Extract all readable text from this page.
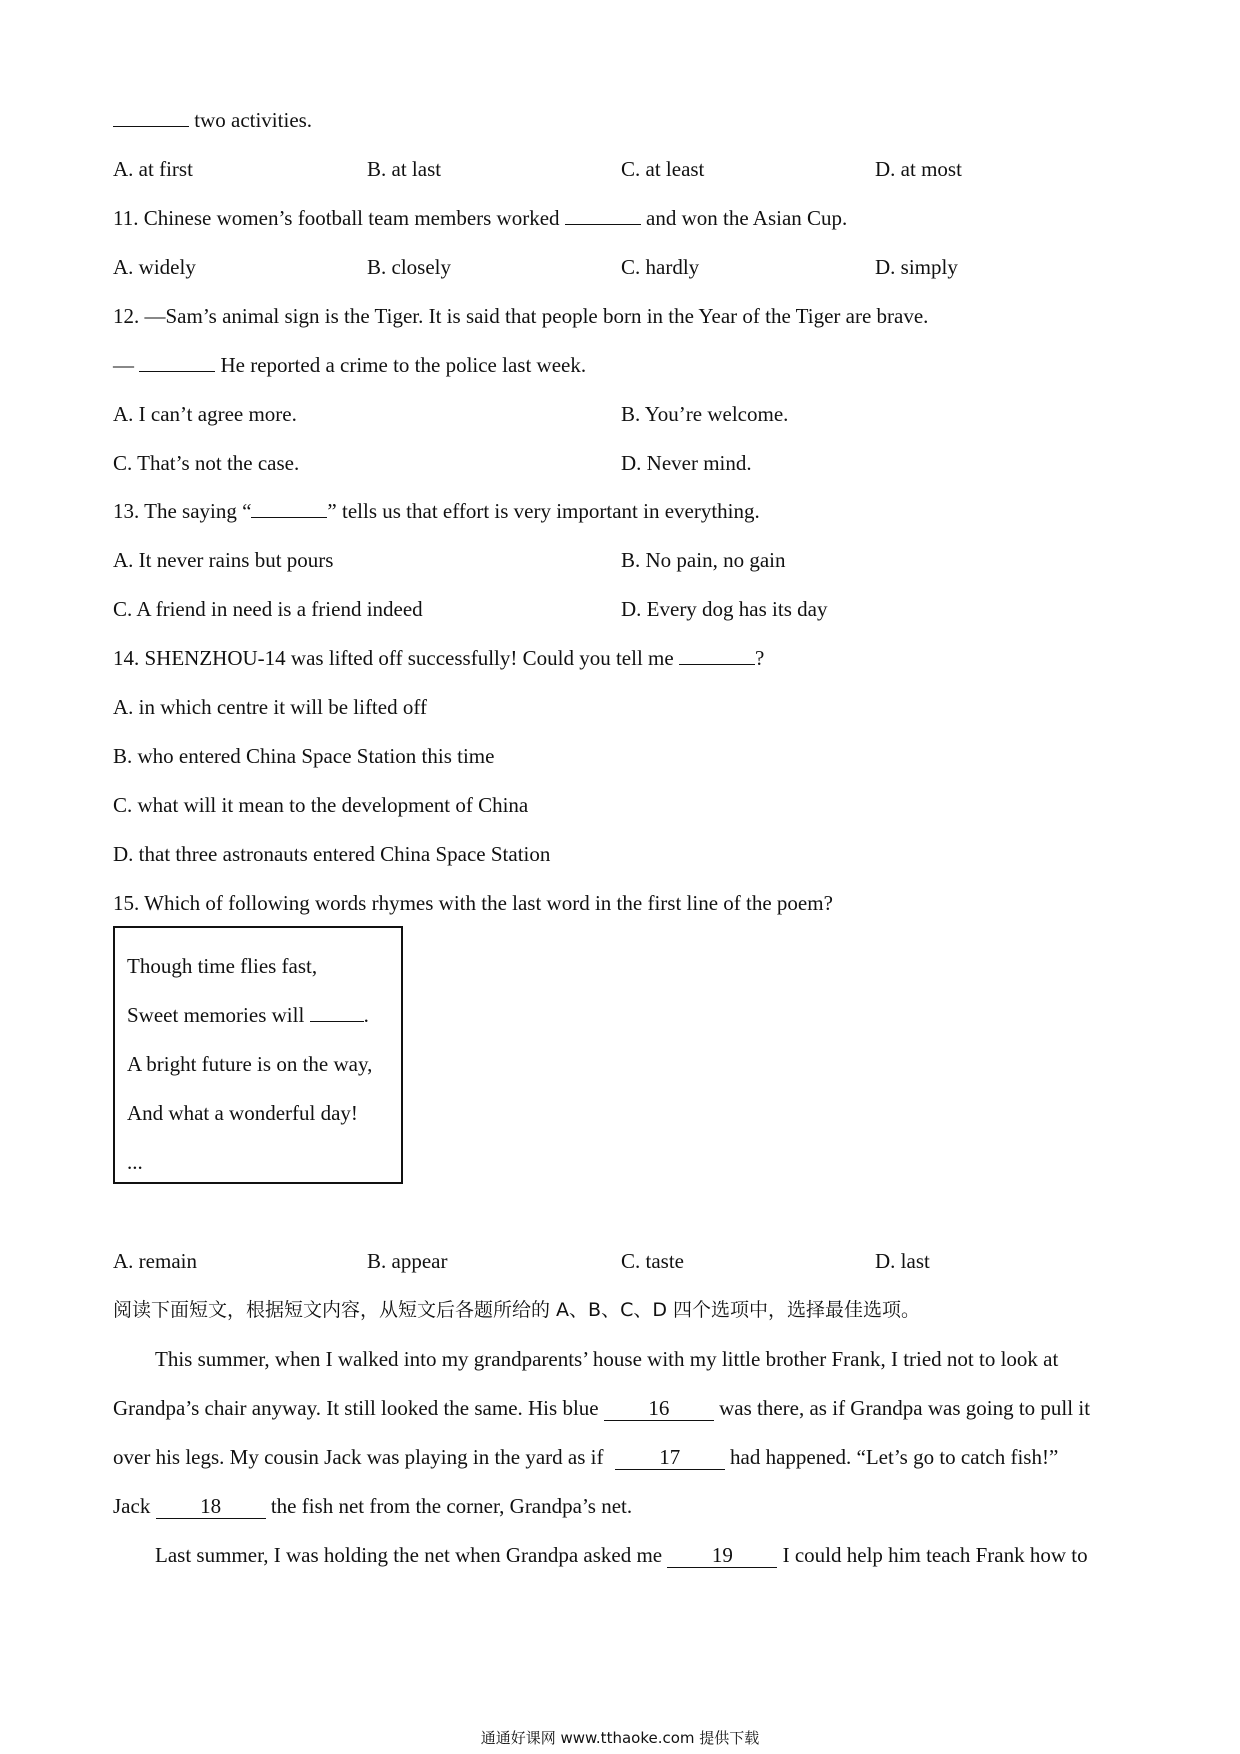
two activities.
A. at first	B. at last	C. at least	D. at most
11. Chinese women’s football team members worked	and won the Asian Cup.
A. widely	B. closely	C. hardly	D. simply
12. —Sam’s animal sign is the Tiger. It is said that people born in the Year of the Tiger are brave.
—	He reported a crime to the police last week.
A. I can’t agree more.	B. You’re welcome.
C. That’s not the case.	D. Never mind.
13. The saying “	” tells us that effort is very important in everything.
A. It never rains but pours	B. No pain, no gain
C. A friend in need is a friend indeed	D. Every dog has its day
14. SHENZHOU-14 was lifted off successfully! Could you tell me	?
A. in which centre it will be lifted off
B. who entered China Space Station this time
C. what will it mean to the development of China
D. that three astronauts entered China Space Station
15. Which of following words rhymes with the last word in the first line of the poem?
Though time flies fast,
Sweet memories will	.
A bright future is on the way,
And what a wonderful day!
...
A. remain	B. appear	C. taste	D. last
阅读下面短文，根据短文内容，从短文后各题所给的 A、B、C、D 四个选项中，选择最佳选项。
This summer, when I walked into my grandparents’ house with my little brother Frank, I tried not to look at
Grandpa’s chair anyway. It still looked the same. His blue 16 was there, as if Grandpa was going to pull it
over his legs. My cousin Jack was playing in the yard as if	17 had happened. “Let’s go to catch fish!”
Jack 18 the fish net from the corner, Grandpa’s net.
Last summer, I was holding the net when Grandpa asked me 19 I could help him teach Frank how to
通通好课网 www.tthaoke.com 提供下载
